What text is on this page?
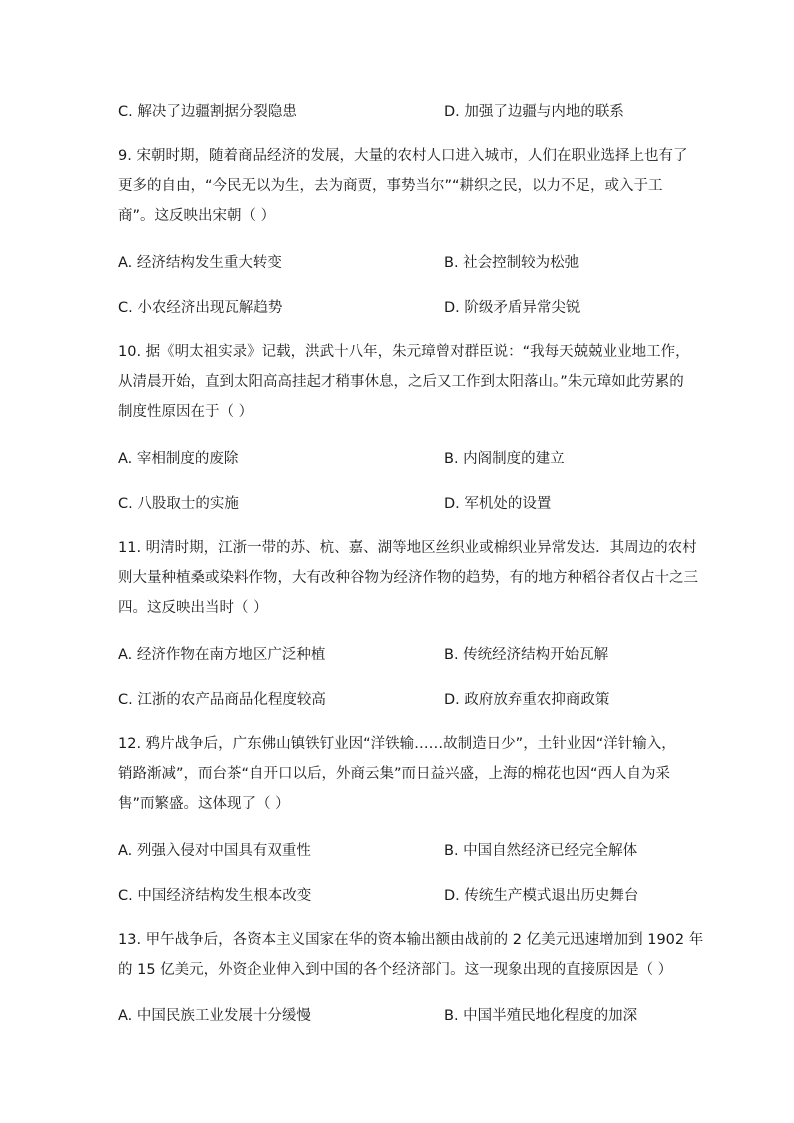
C. 解决了边疆割据分裂隐患	D. 加强了边疆与内地的联系
9. 宋朝时期，随着商品经济的发展，大量的农村人口进入城市，人们在职业选择上也有了
更多的自由，“今民无以为生，去为商贾，事势当尔”“耕织之民，以力不足，或入于工
商”。这反映出宋朝（ ）
A. 经济结构发生重大转变	B. 社会控制较为松弛
C. 小农经济出现瓦解趋势	D. 阶级矛盾异常尖锐
10. 据《明太祖实录》记载，洪武十八年，朱元璋曾对群臣说：“我每天兢兢业业地工作，
从清晨开始，直到太阳高高挂起才稍事休息，之后又工作到太阳落山。”朱元璋如此劳累的
制度性原因在于（ ）
A. 宰相制度的废除	B. 内阁制度的建立
C. 八股取士的实施	D. 军机处的设置
11. 明清时期，江浙一带的苏、杭、嘉、湖等地区丝织业或棉织业异常发达．其周边的农村
则大量种植桑或染料作物，大有改种谷物为经济作物的趋势，有的地方种稻谷者仅占十之三
四。这反映出当时（ ）
A. 经济作物在南方地区广泛种植	B. 传统经济结构开始瓦解
C. 江浙的农产品商品化程度较高	D. 政府放弃重农抑商政策
12. 鸦片战争后，广东佛山镇铁钉业因“洋铁输……故制造日少”，土针业因“洋针输入，
销路渐减”，而台茶“自开口以后，外商云集”而日益兴盛，上海的棉花也因“西人自为采
售”而繁盛。这体现了（ ）
A. 列强入侵对中国具有双重性	B. 中国自然经济已经完全解体
C. 中国经济结构发生根本改变	D. 传统生产模式退出历史舞台
13. 甲午战争后，各资本主义国家在华的资本输出额由战前的 2 亿美元迅速增加到 1902 年
的 15 亿美元，外资企业伸入到中国的各个经济部门。这一现象出现的直接原因是（ ）
A. 中国民族工业发展十分缓慢	B. 中国半殖民地化程度的加深
